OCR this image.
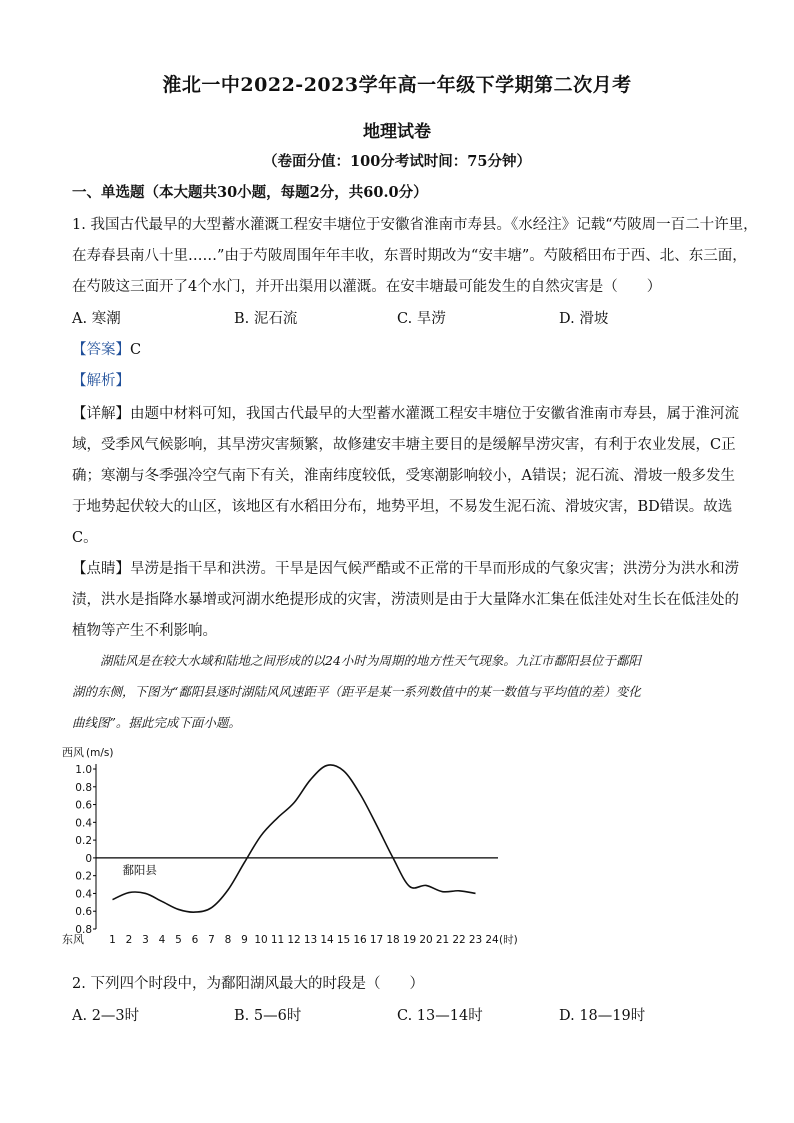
淮北一中2022-2023学年高一年级下学期第二次月考
地理试卷
（卷面分值：100分考试时间：75分钟）
一、单选题（本大题共30小题，每题2分，共60.0分）
1. 我国古代最早的大型蓄水灌溉工程安丰塘位于安徽省淮南市寿县。《水经注》记载“芍陂周一百二十许里，
在寿春县南八十里……”由于芍陂周围年年丰收，东晋时期改为“安丰塘”。芍陂稻田布于西、北、东三面，
在芍陂这三面开了4个水门，并开出渠用以灌溉。在安丰塘最可能发生的自然灾害是（　　）
A. 寒潮	B. 泥石流	C. 旱涝	D. 滑坡
【答案】C
【解析】
【详解】由题中材料可知，我国古代最早的大型蓄水灌溉工程安丰塘位于安徽省淮南市寿县，属于淮河流
域，受季风气候影响，其旱涝灾害频繁，故修建安丰塘主要目的是缓解旱涝灾害，有利于农业发展，C正
确；寒潮与冬季强冷空气南下有关，淮南纬度较低，受寒潮影响较小，A错误；泥石流、滑坡一般多发生
于地势起伏较大的山区，该地区有水稻田分布，地势平坦，不易发生泥石流、滑坡灾害，BD错误。故选
C。
【点睛】旱涝是指干旱和洪涝。干旱是因气候严酷或不正常的干旱而形成的气象灾害；洪涝分为洪水和涝
渍，洪水是指降水暴增或河湖水绝提形成的灾害，涝渍则是由于大量降水汇集在低洼处对生长在低洼处的
植物等产生不利影响。
湖陆风是在较大水域和陆地之间形成的以24小时为周期的地方性天气现象。九江市鄱阳县位于鄱阳
湖的东侧，下图为“鄱阳县逐时湖陆风风速距平（距平是某一系列数值中的某一数值与平均值的差）变化
曲线图”。据此完成下面小题。
1.0
0.8
0.6
0.4
0.2
0
0.2
0.4
0.6
0.8
西风 (m/s)
东风 1 2 3 4 5 6 7 8 9 10 11 12 13 14 15 16 17 18 19 20 21 22 23 24 (时)
鄱阳县
2. 下列四个时段中，为鄱阳湖风最大的时段是（　　）
A. 2—3时	B. 5—6时	C. 13—14时	D. 18—19时
